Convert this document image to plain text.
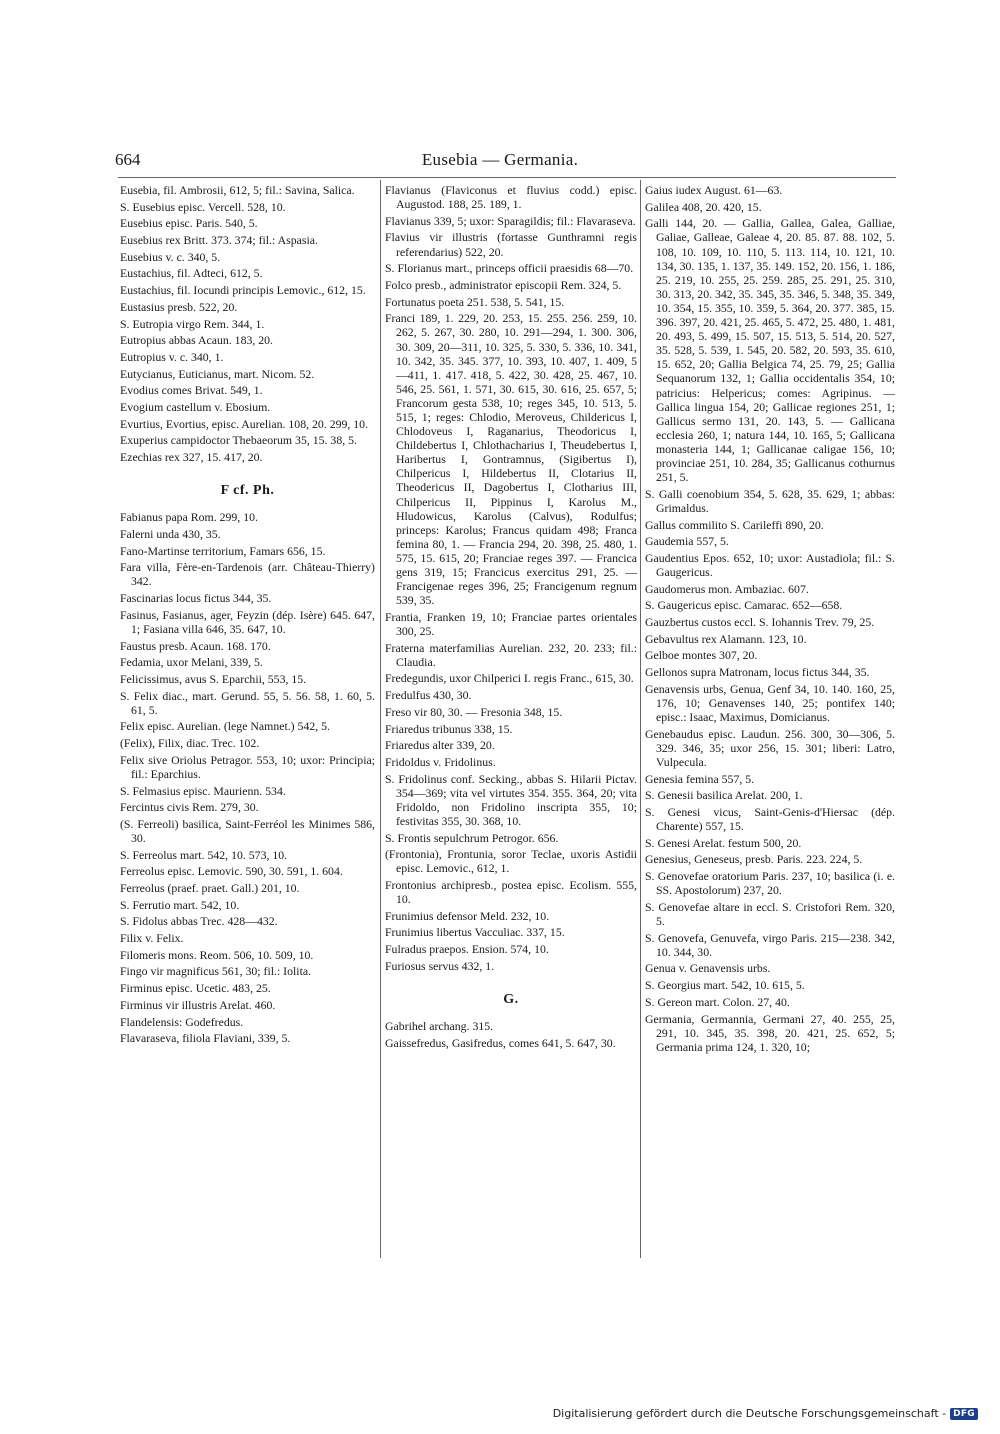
664	Eusebia — Germania.
Eusebia, fil. Ambrosii, 612, 5; fil.: Savina, Salica.
S. Eusebius episc. Vercell. 528, 10.
Eusebius episc. Paris. 540, 5.
Eusebius rex Britt. 373. 374; fil.: Aspasia.
Eusebius v. c. 340, 5.
Eustachius, fil. Adteci, 612, 5.
Eustachius, fil. Iocundi principis Lemovic., 612, 15.
Eustasius presb. 522, 20.
S. Eutropia virgo Rem. 344, 1.
Eutropius abbas Acaun. 183, 20.
Eutropius v. c. 340, 1.
Eutycianus, Euticianus, mart. Nicom. 52.
Evodius comes Brivat. 549, 1.
Evogium castellum v. Ebosium.
Evurtius, Evortius, episc. Aurelian. 108, 20. 299, 10.
Exuperius campidoctor Thebaeorum 35, 15. 38, 5.
Ezechias rex 327, 15. 417, 20.
F cf. Ph.
Fabianus papa Rom. 299, 10.
Falerni unda 430, 35.
Fano-Martinse territorium, Famars 656, 15.
Fara villa, Fère-en-Tardenois (arr. Château-Thierry) 342.
Fascinarias locus fictus 344, 35.
Fasinus, Fasianus, ager, Feyzin (dép. Isère) 645. 647, 1; Fasiana villa 646, 35. 647, 10.
Faustus presb. Acaun. 168. 170.
Fedamia, uxor Melani, 339, 5.
Felicissimus, avus S. Eparchii, 553, 15.
S. Felix diac., mart. Gerund. 55, 5. 56. 58, 1. 60, 5. 61, 5.
Felix episc. Aurelian. (lege Namnet.) 542, 5.
(Felix), Filix, diac. Trec. 102.
Felix sive Oriolus Petragor. 553, 10; uxor: Principia; fil.: Eparchius.
S. Felmasius episc. Maurienn. 534.
Fercintus civis Rem. 279, 30.
(S. Ferreoli) basilica, Saint-Ferréol les Minimes 586, 30.
S. Ferreolus mart. 542, 10. 573, 10.
Ferreolus episc. Lemovic. 590, 30. 591, 1. 604.
Ferreolus (praef. praet. Gall.) 201, 10.
S. Ferrutio mart. 542, 10.
S. Fidolus abbas Trec. 428—432.
Filix v. Felix.
Filomeris mons. Reom. 506, 10. 509, 10.
Fingo vir magnificus 561, 30; fil.: Iolita.
Firminus episc. Ucetic. 483, 25.
Firminus vir illustris Arelat. 460.
Flandelensis: Godefredus.
Flavaraseva, filiola Flaviani, 339, 5.
Flavianus (Flaviconus et fluvius codd.) episc. Augustod. 188, 25. 189, 1.
Flavianus 339, 5; uxor: Sparagildis; fil.: Flavaraseva.
Flavius vir illustris (fortasse Gunthramni regis referendarius) 522, 20.
S. Florianus mart., princeps officii praesidis 68—70.
Folco presb., administrator episcopii Rem. 324, 5.
Fortunatus poeta 251. 538, 5. 541, 15.
Franci 189, 1. 229, 20. 253, 15. 255. 256. 259, 10. 262, 5. 267, 30. 280, 10. 291—294, 1. 300. 306, 30. 309, 20—311, 10. 325, 5. 330, 5. 336, 10. 341, 10. 342, 35. 345. 377, 10. 393, 10. 407, 1. 409, 5—411, 1. 417. 418, 5. 422, 30. 428, 25. 467, 10. 546, 25. 561, 1. 571, 30. 615, 30. 616, 25. 657, 5; Francorum gesta 538, 10; reges 345, 10. 513, 5. 515, 1; reges: Chlodio, Meroveus, Childericus I, Chlodoveus I, Raganarius, Theodoricus I, Childebertus I, Chlothacharius I, Theudebertus I, Haribertus I, Gontramnus, (Sigibertus I), Chilpericus I, Hildebertus II, Clotarius II, Theodericus II, Dagobertus I, Clotharius III, Chilpericus II, Pippinus I, Karolus M., Hludowicus, Karolus (Calvus), Rodulfus; princeps: Karolus; Francus quidam 498; Franca femina 80, 1. — Francia 294, 20. 398, 25. 480, 1. 575, 15. 615, 20; Franciae reges 397. — Francica gens 319, 15; Francicus exercitus 291, 25. — Francigenae reges 396, 25; Francigenum regnum 539, 35.
Frantia, Franken 19, 10; Franciae partes orientales 300, 25.
Fraterna materfamilias Aurelian. 232, 20. 233; fil.: Claudia.
Fredegundis, uxor Chilperici I. regis Franc., 615, 30.
Fredulfus 430, 30.
Freso vir 80, 30. — Fresonia 348, 15.
Friaredus tribunus 338, 15.
Friaredus alter 339, 20.
Fridoldus v. Fridolinus.
S. Fridolinus conf. Secking., abbas S. Hilarii Pictav. 354—369; vita vel virtutes 354. 355. 364, 20; vita Fridoldo, non Fridolino inscripta 355, 10; festivitas 355, 30. 368, 10.
S. Frontis sepulchrum Petrogor. 656.
(Frontonia), Frontunia, soror Teclae, uxoris Astidii episc. Lemovic., 612, 1.
Frontonius archipresb., postea episc. Ecolism. 555, 10.
Frunimius defensor Meld. 232, 10.
Frunimius libertus Vacculiac. 337, 15.
Fulradus praepos. Ension. 574, 10.
Furiosus servus 432, 1.
G.
Gabrihel archang. 315.
Gaissefredus, Gasifredus, comes 641, 5. 647, 30.
Gaius iudex August. 61—63.
Galilea 408, 20. 420, 15.
Galli 144, 20. — Gallia, Gallea, Galea, Galliae, Galiae, Galleae, Galeae 4, 20. 85. 87. 88. 102, 5. 108, 10. 109, 10. 110, 5. 113. 114, 10. 121, 10. 134, 30. 135, 1. 137, 35. 149. 152, 20. 156, 1. 186, 25. 219, 10. 255, 25. 259. 285, 25. 291, 25. 310, 30. 313, 20. 342, 35. 345, 35. 346, 5. 348, 35. 349, 10. 354, 15. 355, 10. 359, 5. 364, 20. 377. 385, 15. 396. 397, 20. 421, 25. 465, 5. 472, 25. 480, 1. 481, 20. 493, 5. 499, 15. 507, 15. 513, 5. 514, 20. 527, 35. 528, 5. 539, 1. 545, 20. 582, 20. 593, 35. 610, 15. 652, 20; Gallia Belgica 74, 25. 79, 25; Gallia Sequanorum 132, 1; Gallia occidentalis 354, 10; patricius: Helpericus; comes: Agripinus. — Gallica lingua 154, 20; Gallicae regiones 251, 1; Gallicus sermo 131, 20. 143, 5. — Gallicana ecclesia 260, 1; natura 144, 10. 165, 5; Gallicana monasteria 144, 1; Gallicanae caligae 156, 10; provinciae 251, 10. 284, 35; Gallicanus cothurnus 251, 5.
S. Galli coenobium 354, 5. 628, 35. 629, 1; abbas: Grimaldus.
Gallus commilito S. Carileffi 890, 20.
Gaudemia 557, 5.
Gaudentius Epos. 652, 10; uxor: Austadiola; fil.: S. Gaugericus.
Gaudomerus mon. Ambaziac. 607.
S. Gaugericus episc. Camarac. 652—658.
Gauzbertus custos eccl. S. Iohannis Trev. 79, 25.
Gebavultus rex Alamann. 123, 10.
Gelboe montes 307, 20.
Gellonos supra Matronam, locus fictus 344, 35.
Genavensis urbs, Genua, Genf 34, 10. 140. 160, 25, 176, 10; Genavenses 140, 25; pontifex 140; episc.: Isaac, Maximus, Domicianus.
Genebaudus episc. Laudun. 256. 300, 30—306, 5. 329. 346, 35; uxor 256, 15. 301; liberi: Latro, Vulpecula.
Genesia femina 557, 5.
S. Genesii basilica Arelat. 200, 1.
S. Genesi vicus, Saint-Genis-d'Hiersac (dép. Charente) 557, 15.
S. Genesi Arelat. festum 500, 20.
Genesius, Geneseus, presb. Paris. 223. 224, 5.
S. Genovefae oratorium Paris. 237, 10; basilica (i. e. SS. Apostolorum) 237, 20.
S. Genovefae altare in eccl. S. Cristofori Rem. 320, 5.
S. Genovefa, Genuvefa, virgo Paris. 215—238. 342, 10. 344, 30.
Genua v. Genavensis urbs.
S. Georgius mart. 542, 10. 615, 5.
S. Gereon mart. Colon. 27, 40.
Germania, Germannia, Germani 27, 40. 255, 25, 291, 10. 345, 35. 398, 20. 421, 25. 652, 5; Germania prima 124, 1. 320, 10;
Digitalisierung gefördert durch die Deutsche Forschungsgemeinschaft - DFG
